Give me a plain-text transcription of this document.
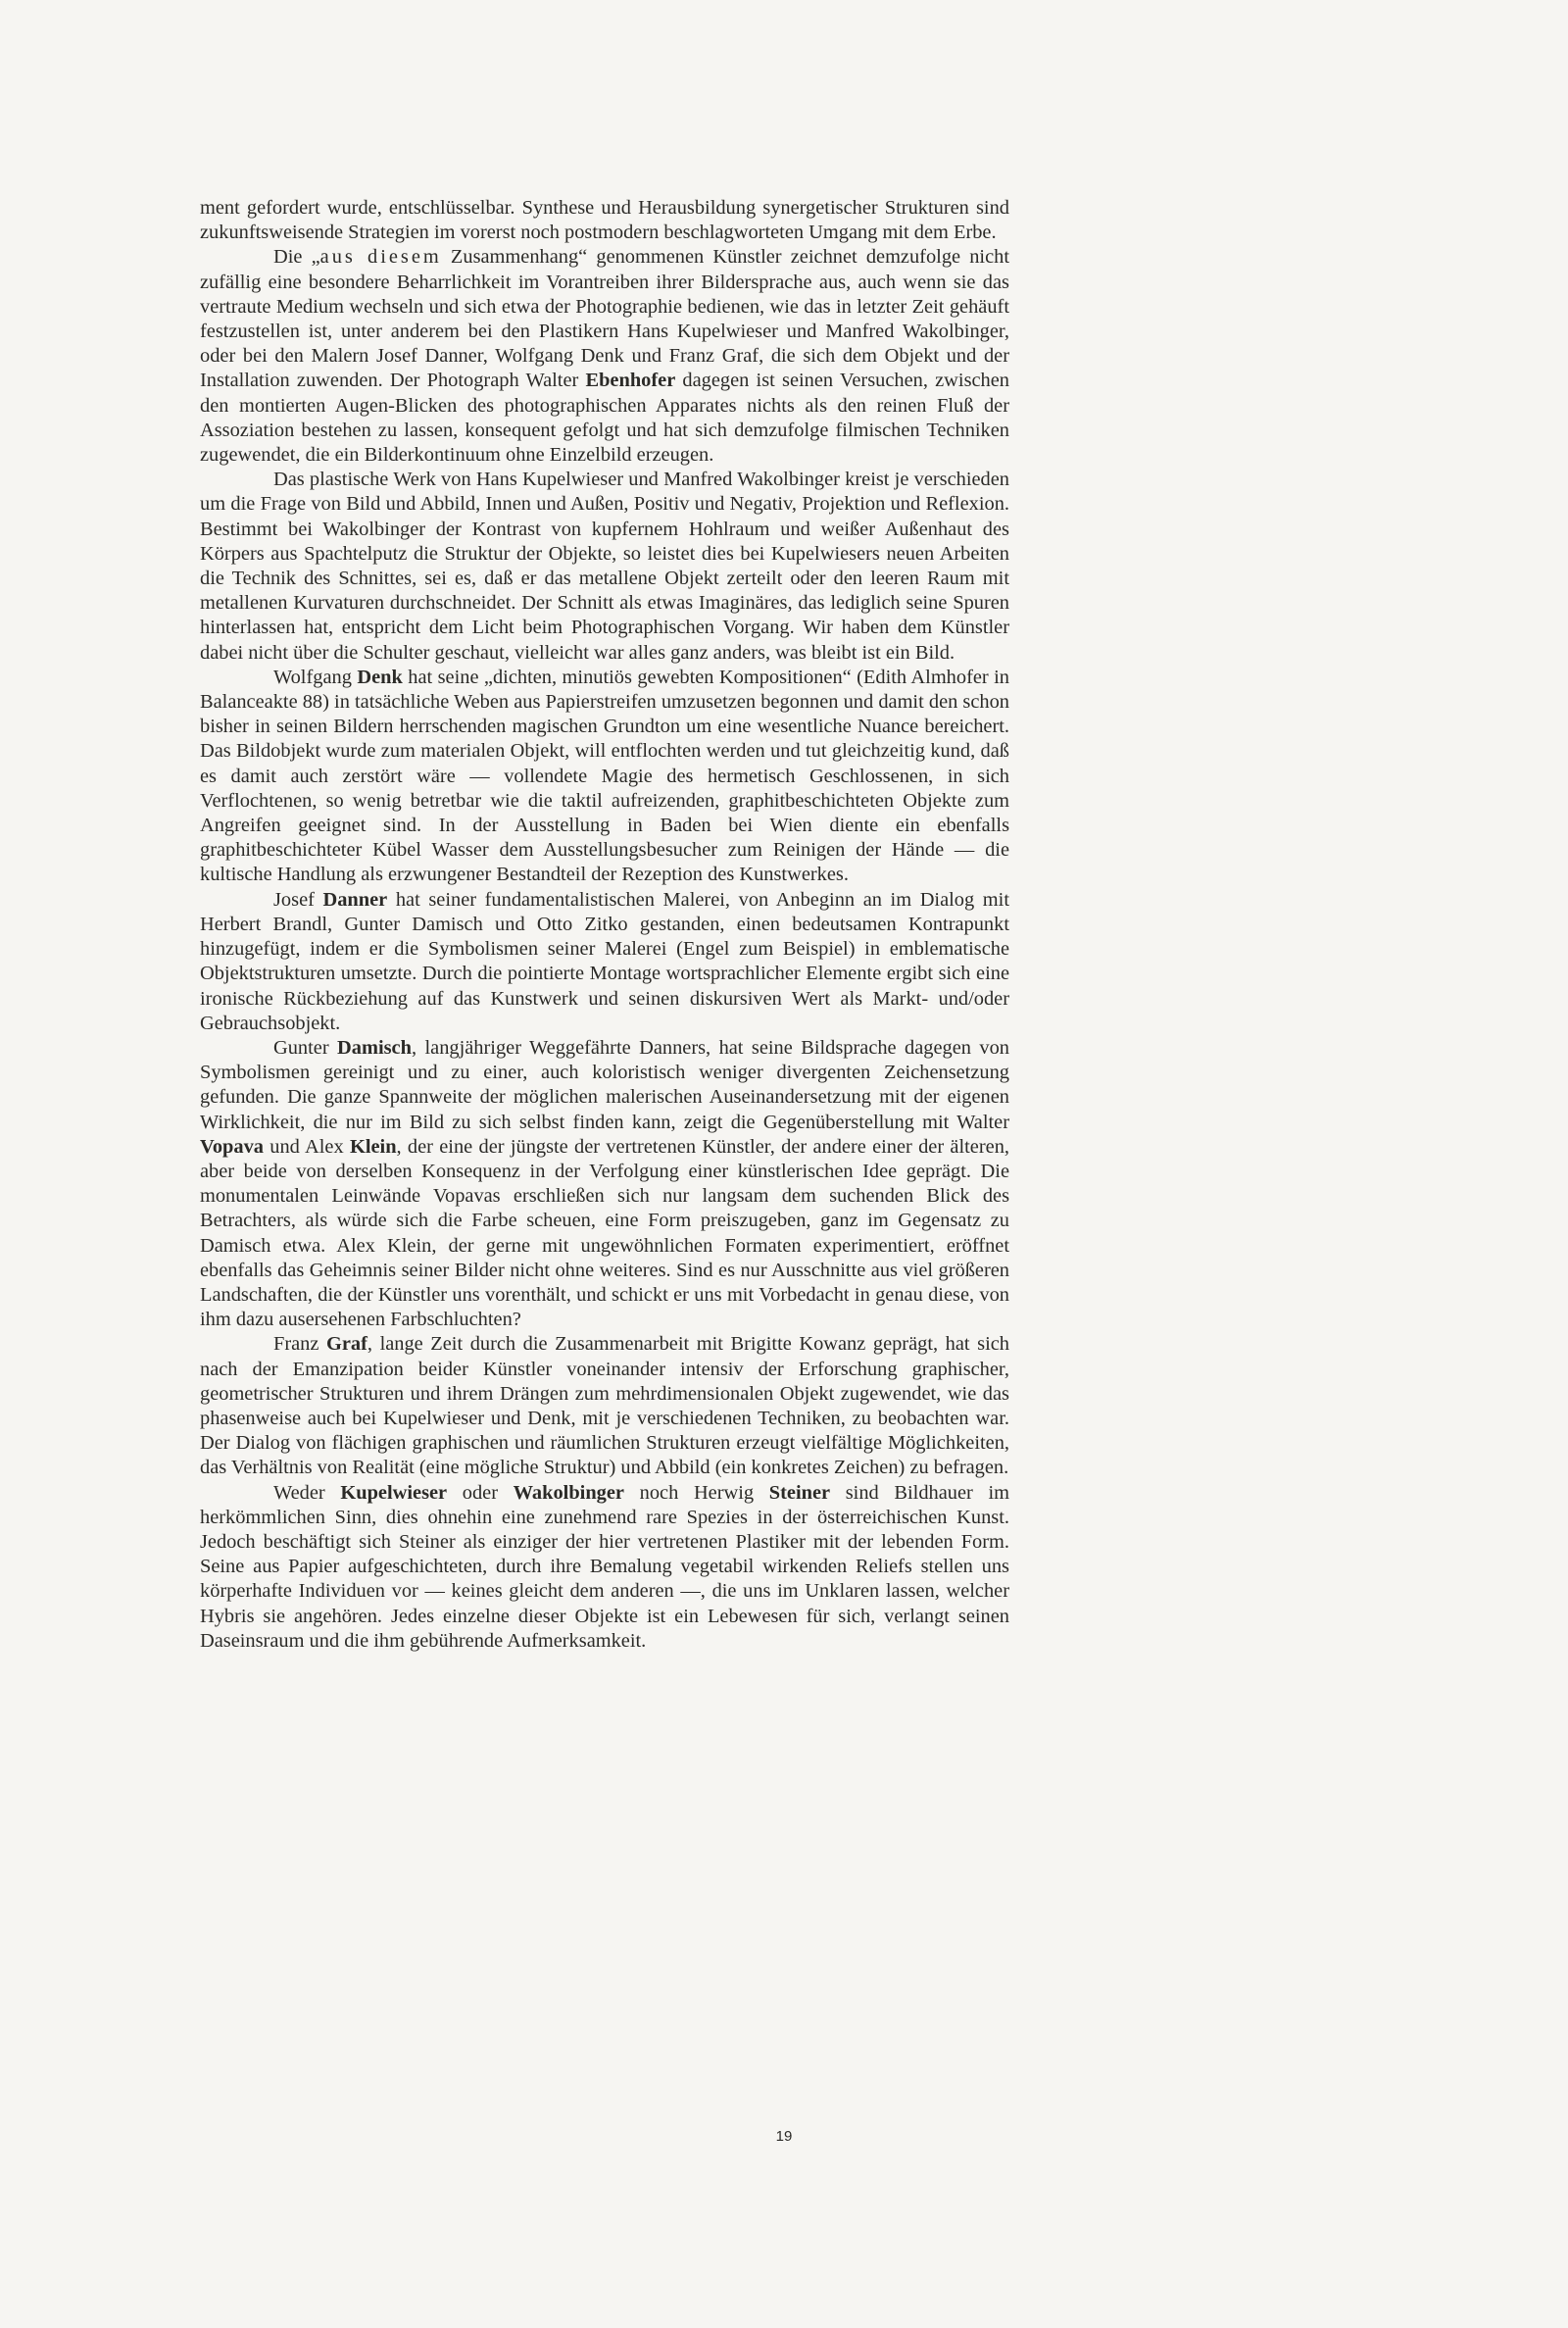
ment gefordert wurde, entschlüsselbar. Synthese und Herausbildung synergetischer Strukturen sind zukunftsweisende Strategien im vorerst noch postmodern beschlagworteten Umgang mit dem Erbe.

Die „aus diesem Zusammenhang“ genommenen Künstler zeichnet demzufolge nicht zufällig eine besondere Beharrlichkeit im Vorantreiben ihrer Bildersprache aus, auch wenn sie das vertraute Medium wechseln und sich etwa der Photographie bedienen, wie das in letzter Zeit gehäuft festzustellen ist, unter anderem bei den Plastikern Hans Kupelwieser und Manfred Wakolbinger, oder bei den Malern Josef Danner, Wolfgang Denk und Franz Graf, die sich dem Objekt und der Installation zuwenden. Der Photograph Walter Ebenhofer dagegen ist seinen Versuchen, zwischen den montierten Augen-Blicken des photographischen Apparates nichts als den reinen Fluß der Assoziation bestehen zu lassen, konsequent gefolgt und hat sich demzufolge filmischen Techniken zugewendet, die ein Bilderkontinuum ohne Einzelbild erzeugen.

Das plastische Werk von Hans Kupelwieser und Manfred Wakolbinger kreist je verschieden um die Frage von Bild und Abbild, Innen und Außen, Positiv und Negativ, Projektion und Reflexion. Bestimmt bei Wakolbinger der Kontrast von kupfernem Hohlraum und weißer Außenhaut des Körpers aus Spachtelputz die Struktur der Objekte, so leistet dies bei Kupelwiesers neuen Arbeiten die Technik des Schnittes, sei es, daß er das metallene Objekt zerteilt oder den leeren Raum mit metallenen Kurvaturen durchschneidet. Der Schnitt als etwas Imaginäres, das lediglich seine Spuren hinterlassen hat, entspricht dem Licht beim Photographischen Vorgang. Wir haben dem Künstler dabei nicht über die Schulter geschaut, vielleicht war alles ganz anders, was bleibt ist ein Bild.

Wolfgang Denk hat seine „dichten, minutiös gewebten Kompositionen“ (Edith Almhofer in Balanceakte 88) in tatsächliche Weben aus Papierstreifen umzusetzen begonnen und damit den schon bisher in seinen Bildern herrschenden magischen Grundton um eine wesentliche Nuance bereichert. Das Bildobjekt wurde zum materialen Objekt, will entflochten werden und tut gleichzeitig kund, daß es damit auch zerstört wäre — vollendete Magie des hermetisch Geschlossenen, in sich Verflochtenen, so wenig betretbar wie die taktil aufreizenden, graphitbeschichteten Objekte zum Angreifen geeignet sind. In der Ausstellung in Baden bei Wien diente ein ebenfalls graphitbeschichteter Kübel Wasser dem Ausstellungsbesucher zum Reinigen der Hände — die kultische Handlung als erzwungener Bestandteil der Rezeption des Kunstwerkes.

Josef Danner hat seiner fundamentalistischen Malerei, von Anbeginn an im Dialog mit Herbert Brandl, Gunter Damisch und Otto Zitko gestanden, einen bedeutsamen Kontrapunkt hinzugefügt, indem er die Symbolismen seiner Malerei (Engel zum Beispiel) in emblematische Objektstrukturen umsetzte. Durch die pointierte Montage wortsprachlicher Elemente ergibt sich eine ironische Rückbeziehung auf das Kunstwerk und seinen diskursiven Wert als Markt- und/oder Gebrauchsobjekt.

Gunter Damisch, langjähriger Weggefährte Danners, hat seine Bildsprache dagegen von Symbolismen gereinigt und zu einer, auch koloristisch weniger divergenten Zeichensetzung gefunden. Die ganze Spannweite der möglichen malerischen Auseinandersetzung mit der eigenen Wirklichkeit, die nur im Bild zu sich selbst finden kann, zeigt die Gegenüberstellung mit Walter Vopava und Alex Klein, der eine der jüngste der vertretenen Künstler, der andere einer der älteren, aber beide von derselben Konsequenz in der Verfolgung einer künstlerischen Idee geprägt. Die monumentalen Leinwände Vopavas erschließen sich nur langsam dem suchenden Blick des Betrachters, als würde sich die Farbe scheuen, eine Form preiszugeben, ganz im Gegensatz zu Damisch etwa. Alex Klein, der gerne mit ungewöhnlichen Formaten experimentiert, eröffnet ebenfalls das Geheimnis seiner Bilder nicht ohne weiteres. Sind es nur Ausschnitte aus viel größeren Landschaften, die der Künstler uns vorenthält, und schickt er uns mit Vorbedacht in genau diese, von ihm dazu ausersehenen Farbschluchten?

Franz Graf, lange Zeit durch die Zusammenarbeit mit Brigitte Kowanz geprägt, hat sich nach der Emanzipation beider Künstler voneinander intensiv der Erforschung graphischer, geometrischer Strukturen und ihrem Drängen zum mehrdimensionalen Objekt zugewendet, wie das phasenweise auch bei Kupelwieser und Denk, mit je verschiedenen Techniken, zu beobachten war. Der Dialog von flächigen graphischen und räumlichen Strukturen erzeugt vielfältige Möglichkeiten, das Verhältnis von Realität (eine mögliche Struktur) und Abbild (ein konkretes Zeichen) zu befragen.

Weder Kupelwieser oder Wakolbinger noch Herwig Steiner sind Bildhauer im herkömmlichen Sinn, dies ohnehin eine zunehmend rare Spezies in der österreichischen Kunst. Jedoch beschäftigt sich Steiner als einziger der hier vertretenen Plastiker mit der lebenden Form. Seine aus Papier aufgeschichteten, durch ihre Bemalung vegetabil wirkenden Reliefs stellen uns körperhafte Individuen vor — keines gleicht dem anderen —, die uns im Unklaren lassen, welcher Hybris sie angehören. Jedes einzelne dieser Objekte ist ein Lebewesen für sich, verlangt seinen Daseinsraum und die ihm gebührende Aufmerksamkeit.

19
